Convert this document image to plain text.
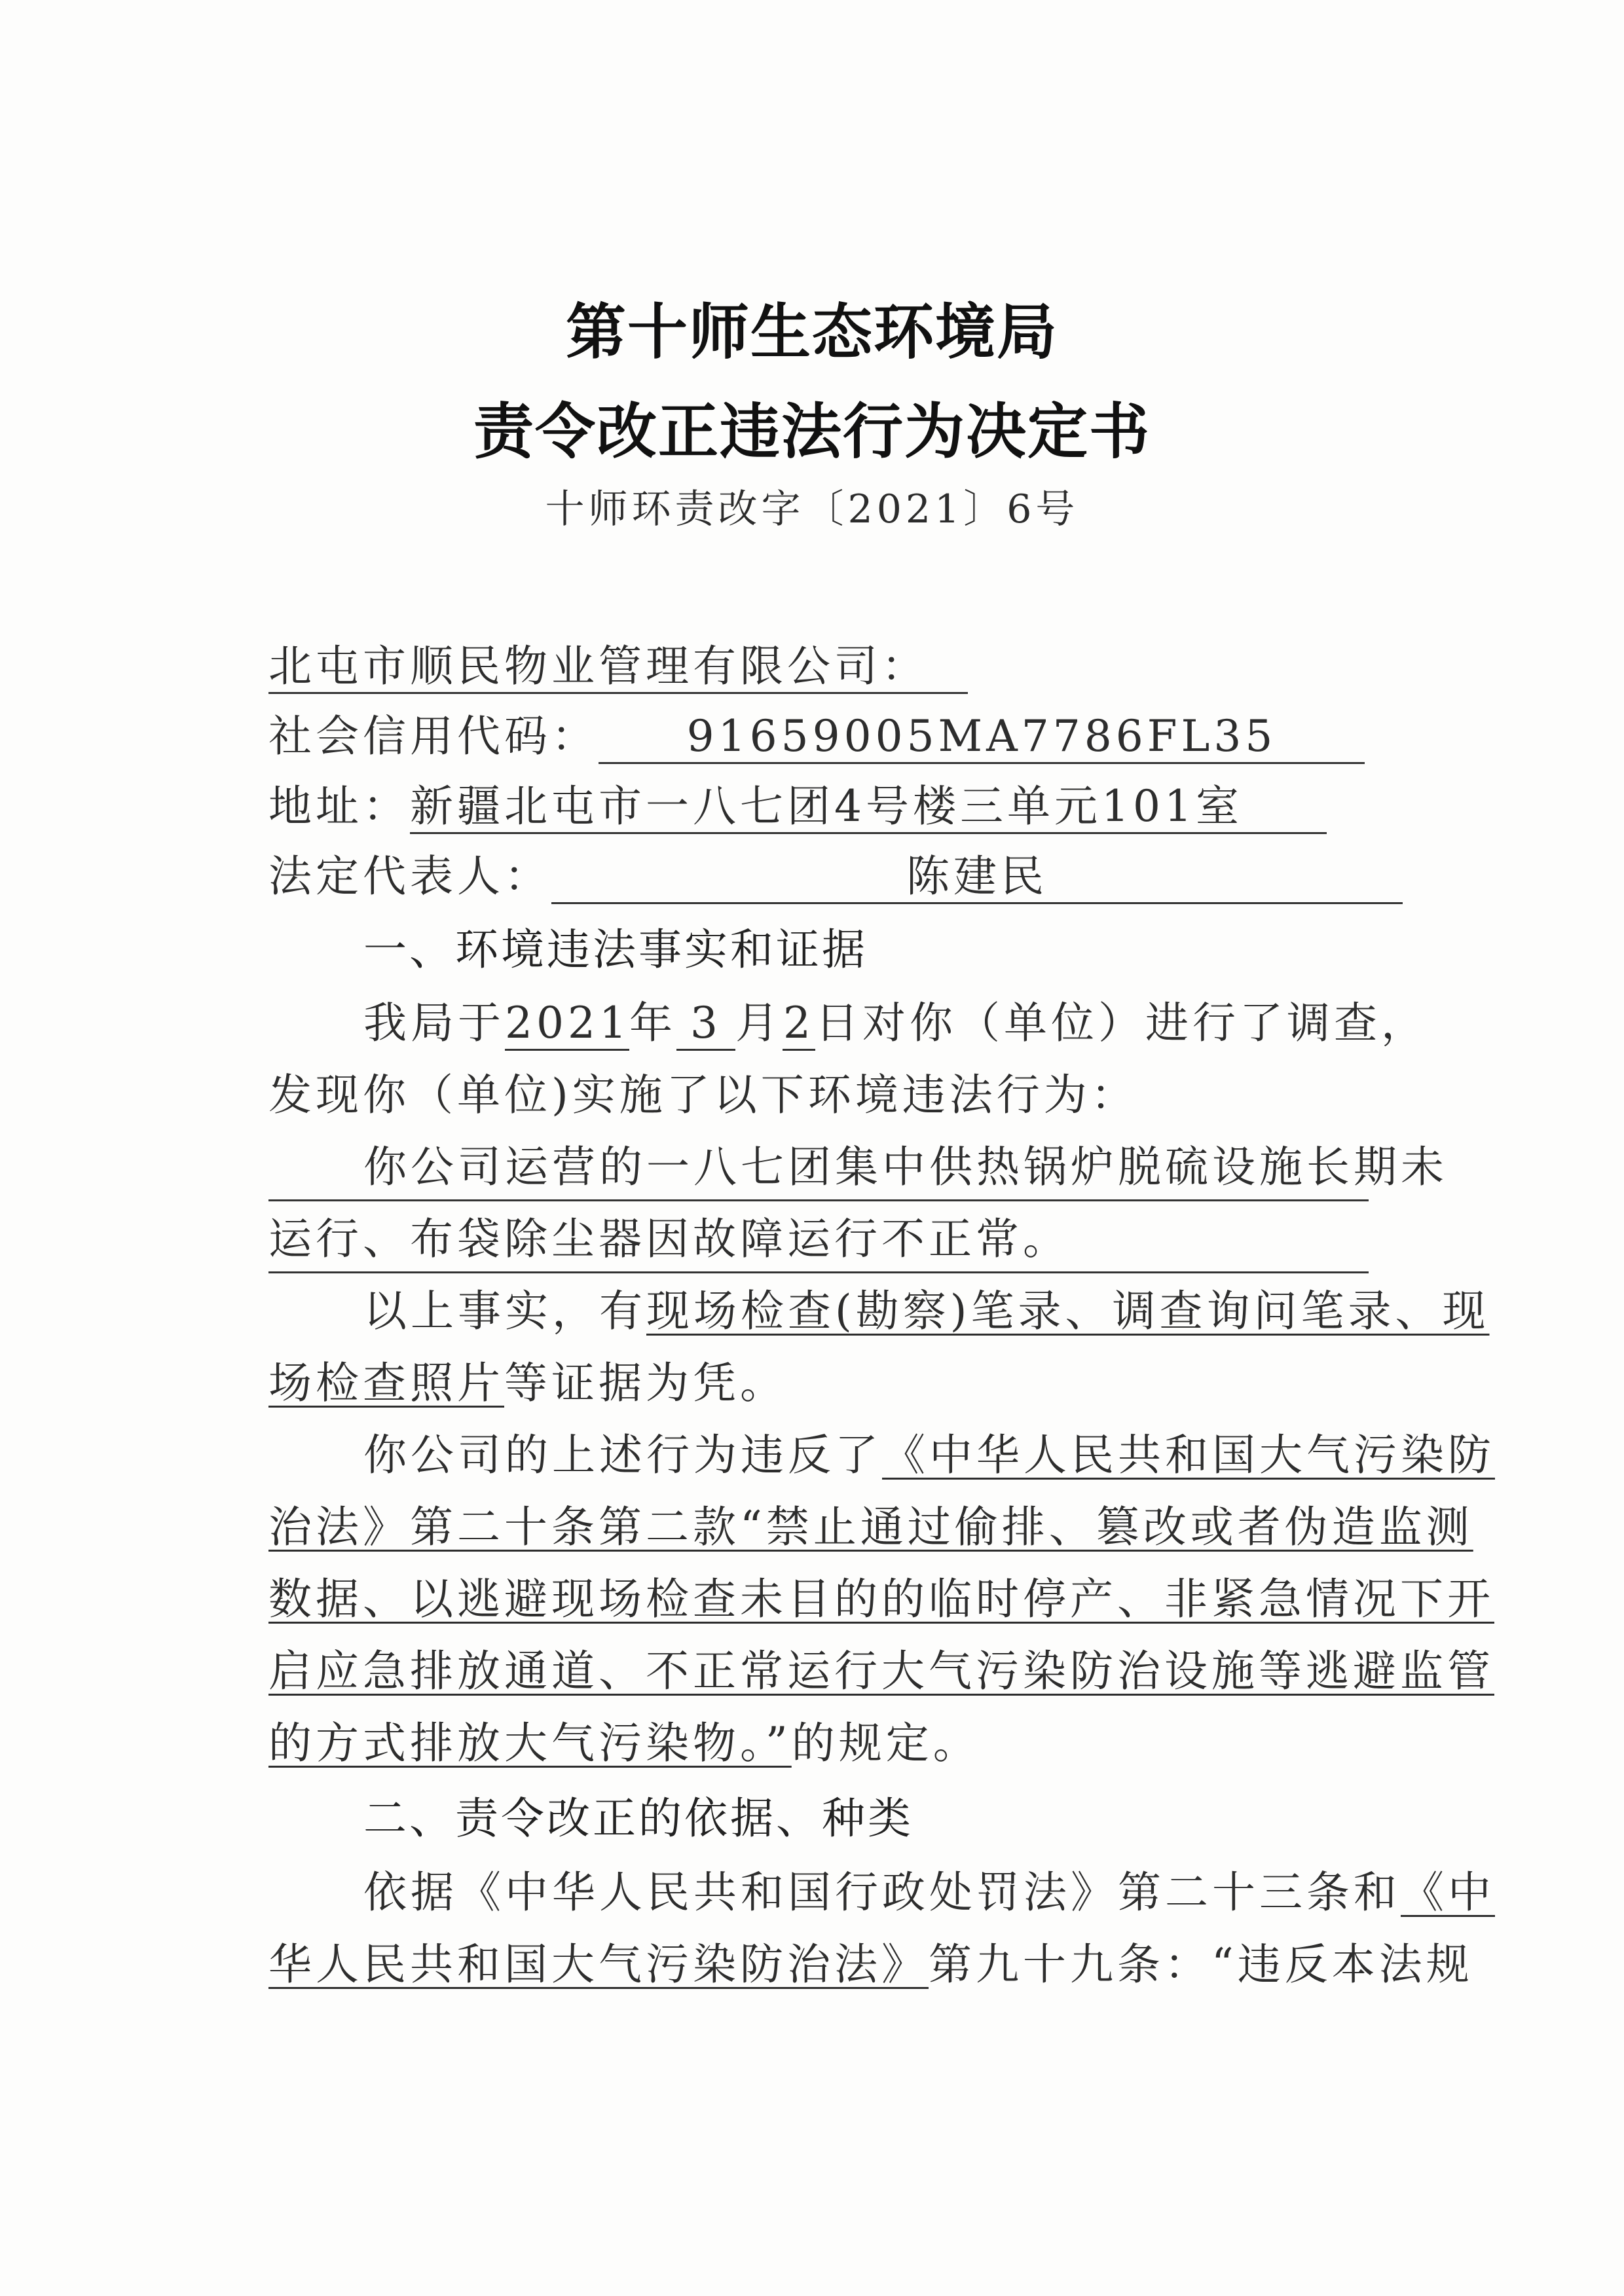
第十师生态环境局
责令改正违法行为决定书
十师环责改字〔2021〕6号
北屯市顺民物业管理有限公司：
社会信用代码： 91659005MA7786FL35
地址：新疆北屯市一八七团4号楼三单元101室
法定代表人：	陈建民
一、环境违法事实和证据
我局于2021年 3 月2日对你（单位）进行了调查，
发现你（单位)实施了以下环境违法行为：
你公司运营的一八七团集中供热锅炉脱硫设施长期未
运行、布袋除尘器因故障运行不正常。
以上事实，有现场检查(勘察)笔录、调查询问笔录、现
场检查照片等证据为凭。
你公司的上述行为违反了《中华人民共和国大气污染防
治法》第二十条第二款“禁止通过偷排、篡改或者伪造监测
数据、以逃避现场检查未目的的临时停产、非紧急情况下开
启应急排放通道、不正常运行大气污染防治设施等逃避监管
的方式排放大气污染物。”的规定。
二、责令改正的依据、种类
依据《中华人民共和国行政处罚法》第二十三条和《中
华人民共和国大气污染防治法》第九十九条：“违反本法规
